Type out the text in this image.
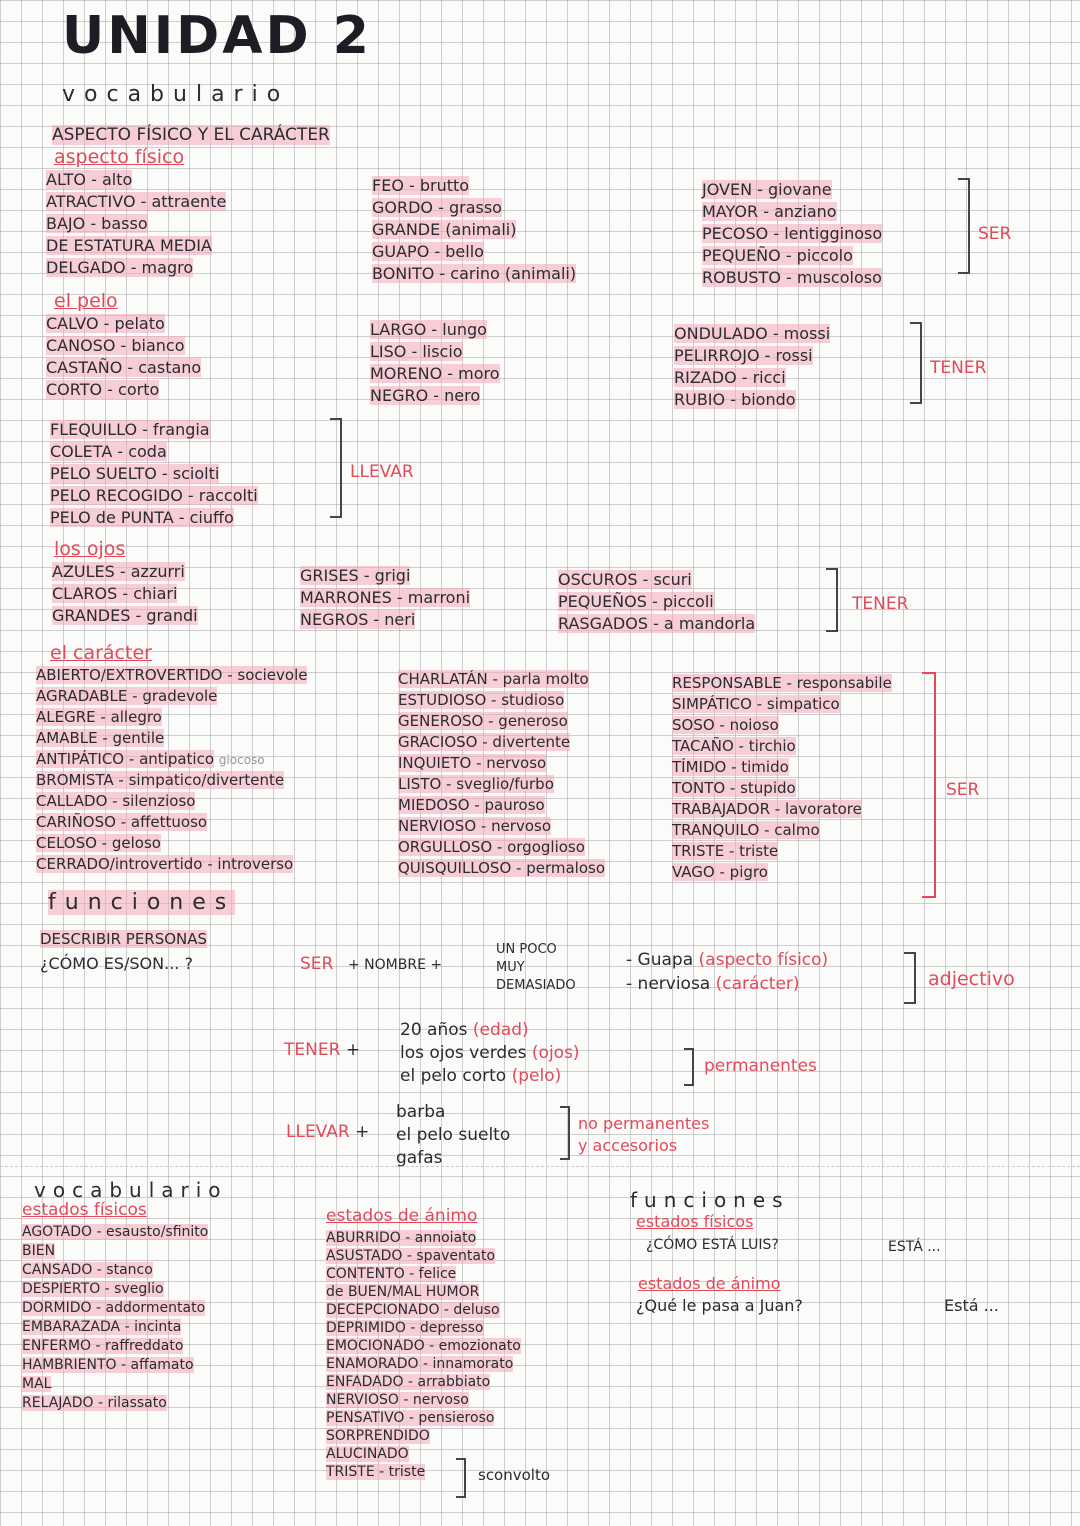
UNIDAD 2
vocabulario
ASPECTO FÍSICO Y EL CARÁCTER
aspecto físico
ALTO - alto
ATRACTIVO - attraente
BAJO - basso
DE ESTATURA MEDIA
DELGADO - magro
FEO - brutto
GORDO - grasso
GRANDE (animali)
GUAPO - bello
BONITO - carino (animali)
JOVEN - giovane
MAYOR - anziano
PECOSO - lentigginoso
PEQUEÑO - piccolo
ROBUSTO - muscoloso
SER
el pelo
CALVO - pelato
CANOSO - bianco
CASTAÑO - castano
CORTO - corto
LARGO - lungo
LISO - liscio
MORENO - moro
NEGRO - nero
ONDULADO - mossi
PELIRROJO - rossi
RIZADO - ricci
RUBIO - biondo
TENER
FLEQUILLO - frangia
COLETA - coda
PELO SUELTO - sciolti
PELO RECOGIDO - raccolti
PELO de PUNTA - ciuffo
LLEVAR
los ojos
AZULES - azzurri
CLAROS - chiari
GRANDES - grandi
GRISES - grigi
MARRONES - marroni
NEGROS - neri
OSCUROS - scuri
PEQUEÑOS - piccoli
RASGADOS - a mandorla
TENER
el carácter
ABIERTO/EXTROVERTIDO - socievole
AGRADABLE - gradevole
ALEGRE - allegro
AMABLE - gentile
ANTIPÁTICO - antipatico giocoso
BROMISTA - simpatico/divertente
CALLADO - silenzioso
CARIÑOSO - affettuoso
CELOSO - geloso
CERRADO/introvertido - introverso
CHARLATÁN - parla molto
ESTUDIOSO - studioso
GENEROSO - generoso
GRACIOSO - divertente
INQUIETO - nervoso
LISTO - sveglio/furbo
MIEDOSO - pauroso
NERVIOSO - nervoso
ORGULLOSO - orgoglioso
QUISQUILLOSO - permaloso
RESPONSABLE - responsabile
SIMPÁTICO - simpatico
SOSO - noioso
TACAÑO - tirchio
TÍMIDO - timido
TONTO - stupido
TRABAJADOR - lavoratore
TRANQUILO - calmo
TRISTE - triste
VAGO - pigro
SER
funciones
DESCRIBIR PERSONAS
¿CÓMO ES/SON... ?	SER + NOMBRE +
UN POCO
MUY
DEMASIADO
- Guapa (aspecto físico)
- nerviosa (carácter)	adjectivo
TENER +
20 años (edad)
los ojos verdes (ojos)
el pelo corto (pelo)	permanentes
LLEVAR +
barba
el pelo suelto
gafas
no permanentes
y accesorios
vocabulario
estados físicos
AGOTADO - esausto/sfinito
BIEN
CANSADO - stanco
DESPIERTO - sveglio
DORMIDO - addormentato
EMBARAZADA - incinta
ENFERMO - raffreddato
HAMBRIENTO - affamato
MAL
RELAJADO - rilassato
estados de ánimo
ABURRIDO - annoiato
ASUSTADO - spaventato
CONTENTO - felice
de BUEN/MAL HUMOR
DECEPCIONADO - deluso
DEPRIMIDO - depresso
EMOCIONADO - emozionato
ENAMORADO - innamorato
ENFADADO - arrabbiato
NERVIOSO - nervoso
PENSATIVO - pensieroso
SORPRENDIDO
ALUCINADO
TRISTE - triste	sconvolto
funciones
estados físicos
¿CÓMO ESTÁ LUIS?	ESTÁ ...
estados de ánimo
¿Qué le pasa a Juan?	Está ...
